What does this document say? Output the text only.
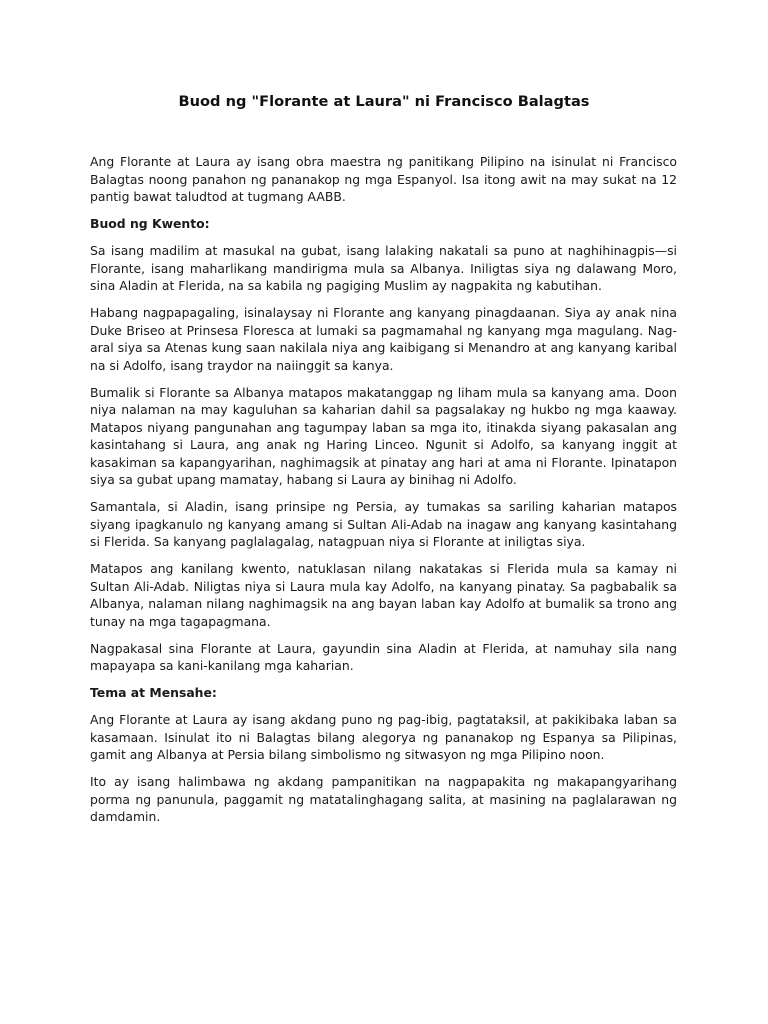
Buod ng "Florante at Laura" ni Francisco Balagtas

Ang Florante at Laura ay isang obra maestra ng panitikang Pilipino na isinulat ni Francisco Balagtas noong panahon ng pananakop ng mga Espanyol. Isa itong awit na may sukat na 12 pantig bawat taludtod at tugmang AABB.

Buod ng Kwento:

Sa isang madilim at masukal na gubat, isang lalaking nakatali sa puno at naghihinagpis—si Florante, isang maharlikang mandirigma mula sa Albanya. Iniligtas siya ng dalawang Moro, sina Aladin at Flerida, na sa kabila ng pagiging Muslim ay nagpakita ng kabutihan.

Habang nagpapagaling, isinalaysay ni Florante ang kanyang pinagdaanan. Siya ay anak nina Duke Briseo at Prinsesa Floresca at lumaki sa pagmamahal ng kanyang mga magulang. Nag-aral siya sa Atenas kung saan nakilala niya ang kaibigang si Menandro at ang kanyang karibal na si Adolfo, isang traydor na naiinggit sa kanya.

Bumalik si Florante sa Albanya matapos makatanggap ng liham mula sa kanyang ama. Doon niya nalaman na may kaguluhan sa kaharian dahil sa pagsalakay ng hukbo ng mga kaaway. Matapos niyang pangunahan ang tagumpay laban sa mga ito, itinakda siyang pakasalan ang kasintahang si Laura, ang anak ng Haring Linceo. Ngunit si Adolfo, sa kanyang inggit at kasakiman sa kapangyarihan, naghimagsik at pinatay ang hari at ama ni Florante. Ipinatapon siya sa gubat upang mamatay, habang si Laura ay binihag ni Adolfo.

Samantala, si Aladin, isang prinsipe ng Persia, ay tumakas sa sariling kaharian matapos siyang ipagkanulo ng kanyang amang si Sultan Ali-Adab na inagaw ang kanyang kasintahang si Flerida. Sa kanyang paglalagalag, natagpuan niya si Florante at iniligtas siya.

Matapos ang kanilang kwento, natuklasan nilang nakatakas si Flerida mula sa kamay ni Sultan Ali-Adab. Niligtas niya si Laura mula kay Adolfo, na kanyang pinatay. Sa pagbabalik sa Albanya, nalaman nilang naghimagsik na ang bayan laban kay Adolfo at bumalik sa trono ang tunay na mga tagapagmana.

Nagpakasal sina Florante at Laura, gayundin sina Aladin at Flerida, at namuhay sila nang mapayapa sa kani-kanilang mga kaharian.

Tema at Mensahe:

Ang Florante at Laura ay isang akdang puno ng pag-ibig, pagtataksil, at pakikibaka laban sa kasamaan. Isinulat ito ni Balagtas bilang alegorya ng pananakop ng Espanya sa Pilipinas, gamit ang Albanya at Persia bilang simbolismo ng sitwasyon ng mga Pilipino noon.

Ito ay isang halimbawa ng akdang pampanitikan na nagpapakita ng makapangyarihang porma ng panunula, paggamit ng matatalinghagang salita, at masining na paglalarawan ng damdamin.
